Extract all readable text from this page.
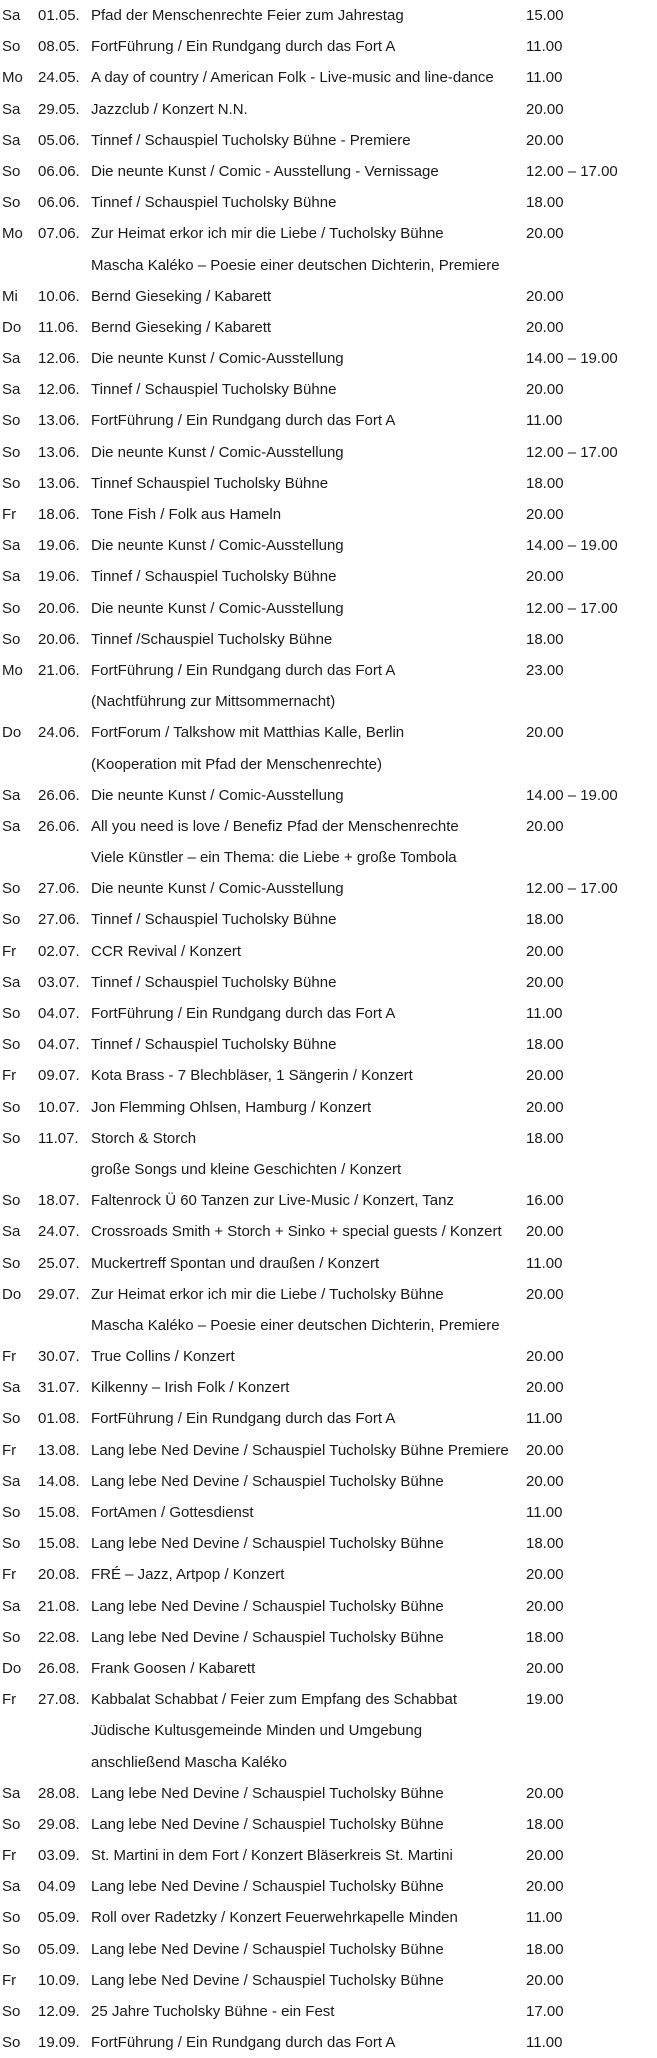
Sa 01.05. Pfad der Menschenrechte Feier zum Jahrestag	15.00
So 08.05. FortFührung / Ein Rundgang durch das Fort A	11.00
Mo 24.05. A day of country / American Folk - Live-music and line-dance 11.00
Sa 29.05. Jazzclub / Konzert N.N.	20.00
Sa 05.06. Tinnef / Schauspiel Tucholsky Bühne - Premiere	20.00
So 06.06. Die neunte Kunst / Comic - Ausstellung - Vernissage	12.00 – 17.00
So 06.06. Tinnef / Schauspiel Tucholsky Bühne	18.00
Mo 07.06. Zur Heimat erkor ich mir die Liebe / Tucholsky Bühne	20.00
Mascha Kaléko – Poesie einer deutschen Dichterin, Premiere
Mi 10.06. Bernd Gieseking / Kabarett	20.00
Do 11.06. Bernd Gieseking / Kabarett	20.00
Sa 12.06. Die neunte Kunst / Comic-Ausstellung	14.00 – 19.00
Sa 12.06. Tinnef / Schauspiel Tucholsky Bühne	20.00
So 13.06. FortFührung / Ein Rundgang durch das Fort A	11.00
So 13.06. Die neunte Kunst / Comic-Ausstellung	12.00 – 17.00
So 13.06. Tinnef Schauspiel Tucholsky Bühne	18.00
Fr 18.06. Tone Fish / Folk aus Hameln	20.00
Sa 19.06. Die neunte Kunst / Comic-Ausstellung	14.00 – 19.00
Sa 19.06. Tinnef / Schauspiel Tucholsky Bühne	20.00
So 20.06. Die neunte Kunst / Comic-Ausstellung	12.00 – 17.00
So 20.06. Tinnef /Schauspiel Tucholsky Bühne	18.00
Mo 21.06. FortFührung / Ein Rundgang durch das Fort A	23.00
(Nachtführung zur Mittsommernacht)
Do 24.06. FortForum / Talkshow mit Matthias Kalle, Berlin	20.00
(Kooperation mit Pfad der Menschenrechte)
Sa 26.06. Die neunte Kunst / Comic-Ausstellung	14.00 – 19.00
Sa 26.06. All you need is love / Benefiz Pfad der Menschenrechte	20.00
Viele Künstler – ein Thema: die Liebe + große Tombola
So 27.06. Die neunte Kunst / Comic-Ausstellung	12.00 – 17.00
So 27.06. Tinnef / Schauspiel Tucholsky Bühne	18.00
Fr 02.07. CCR Revival / Konzert	20.00
Sa 03.07. Tinnef / Schauspiel Tucholsky Bühne	20.00
So 04.07. FortFührung / Ein Rundgang durch das Fort A	11.00
So 04.07. Tinnef / Schauspiel Tucholsky Bühne	18.00
Fr 09.07. Kota Brass - 7 Blechbläser, 1 Sängerin / Konzert	20.00
So 10.07. Jon Flemming Ohlsen, Hamburg / Konzert	20.00
So 11.07. Storch & Storch	18.00
große Songs und kleine Geschichten / Konzert
So 18.07. Faltenrock Ü 60 Tanzen zur Live-Music / Konzert, Tanz	16.00
Sa 24.07. Crossroads Smith + Storch + Sinko + special guests / Konzert 20.00
So 25.07. Muckertreff Spontan und draußen / Konzert	11.00
Do 29.07. Zur Heimat erkor ich mir die Liebe / Tucholsky Bühne	20.00
Mascha Kaléko – Poesie einer deutschen Dichterin, Premiere
Fr 30.07. True Collins / Konzert	20.00
Sa 31.07. Kilkenny – Irish Folk / Konzert	20.00
So 01.08. FortFührung / Ein Rundgang durch das Fort A	11.00
Fr 13.08. Lang lebe Ned Devine / Schauspiel Tucholsky Bühne Premiere 20.00
Sa 14.08. Lang lebe Ned Devine / Schauspiel Tucholsky Bühne	20.00
So 15.08. FortAmen / Gottesdienst	11.00
So 15.08. Lang lebe Ned Devine / Schauspiel Tucholsky Bühne	18.00
Fr 20.08. FRÉ – Jazz, Artpop / Konzert	20.00
Sa 21.08. Lang lebe Ned Devine / Schauspiel Tucholsky Bühne	20.00
So 22.08. Lang lebe Ned Devine / Schauspiel Tucholsky Bühne	18.00
Do 26.08. Frank Goosen / Kabarett	20.00
Fr 27.08. Kabbalat Schabbat / Feier zum Empfang des Schabbat	19.00
Jüdische Kultusgemeinde Minden und Umgebung
anschließend Mascha Kaléko
Sa 28.08. Lang lebe Ned Devine / Schauspiel Tucholsky Bühne	20.00
So 29.08. Lang lebe Ned Devine / Schauspiel Tucholsky Bühne	18.00
Fr 03.09. St. Martini in dem Fort / Konzert Bläserkreis St. Martini	20.00
Sa 04.09 Lang lebe Ned Devine / Schauspiel Tucholsky Bühne	20.00
So 05.09. Roll over Radetzky / Konzert Feuerwehrkapelle Minden	11.00
So 05.09. Lang lebe Ned Devine / Schauspiel Tucholsky Bühne	18.00
Fr 10.09. Lang lebe Ned Devine / Schauspiel Tucholsky Bühne	20.00
So 12.09. 25 Jahre Tucholsky Bühne - ein Fest	17.00
So 19.09. FortFührung / Ein Rundgang durch das Fort A	11.00
